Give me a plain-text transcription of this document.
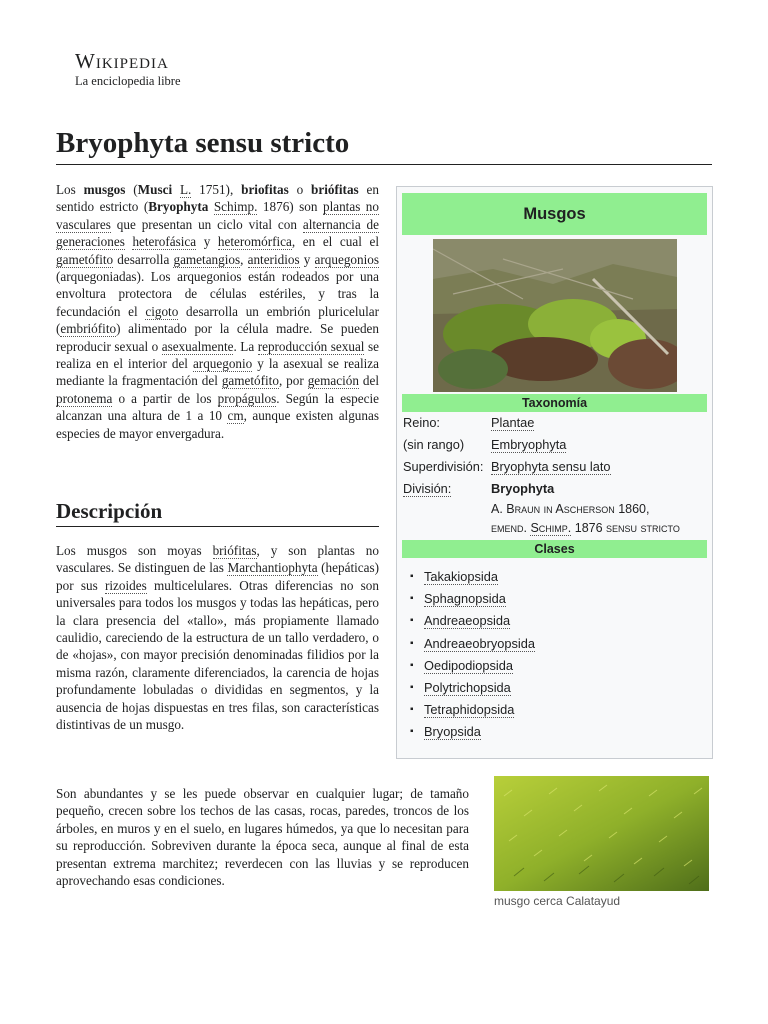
Wikipedia
La enciclopedia libre
Bryophyta sensu stricto

Los musgos (Musci L. 1751), briofitas o briófitas en sentido estricto (Bryophyta Schimp. 1876) son plantas no vasculares que presentan un ciclo vital con alternancia de generaciones heterofásica y heteromórfica, en el cual el gametófito desarrolla gametangios, anteridios y arquegonios (arquegoniadas). Los arquegonios están rodeados por una envoltura protectora de células estériles, y tras la fecundación el cigoto desarrolla un embrión pluricelular (embriófito) alimentado por la célula madre. Se pueden reproducir sexual o asexualmente. La reproducción sexual se realiza en el interior del arquegonio y la asexual se realiza mediante la fragmentación del gametófito, por gemación del protonema o a partir de los propágulos. Según la especie alcanzan una altura de 1 a 10 cm, aunque existen algunas especies de mayor envergadura.

Descripción

Los musgos son moyas briófitas, y son plantas no vasculares. Se distinguen de las Marchantiophyta (hepáticas) por sus rizoides multicelulares. Otras diferencias no son universales para todos los musgos y todas las hepáticas, pero la clara presencia del «tallo», más propiamente llamado caulidio, careciendo de la estructura de un tallo verdadero, o de «hojas», con mayor precisión denominadas filidios por la misma razón, claramente diferenciados, la carencia de hojas profundamente lobuladas o divididas en segmentos, y la ausencia de hojas dispuestas en tres filas, son características distintivas de un musgo.

Son abundantes y se les puede observar en cualquier lugar; de tamaño pequeño, crecen sobre los techos de las casas, rocas, paredes, troncos de los árboles, en muros y en el suelo, en lugares húmedos, ya que lo necesitan para su reproducción. Sobreviven durante la época seca, aunque al final de esta presentan extrema marchitez; reverdecen con las lluvias y se reproducen aprovechando esas condiciones.

Musgos
Taxonomía
Reino:	Plantae
(sin rango)	Embryophyta
Superdivisión: Bryophyta sensu lato
División:	Bryophyta
A. Braun in Ascherson 1860,
emend. Schimp. 1876 sensu stricto
Clases
▪ Takakiopsida
▪ Sphagnopsida
▪ Andreaeopsida
▪ Andreaeobryopsida
▪ Oedipodiopsida
▪ Polytrichopsida
▪ Tetraphidopsida
▪ Bryopsida
musgo cerca Calatayud
